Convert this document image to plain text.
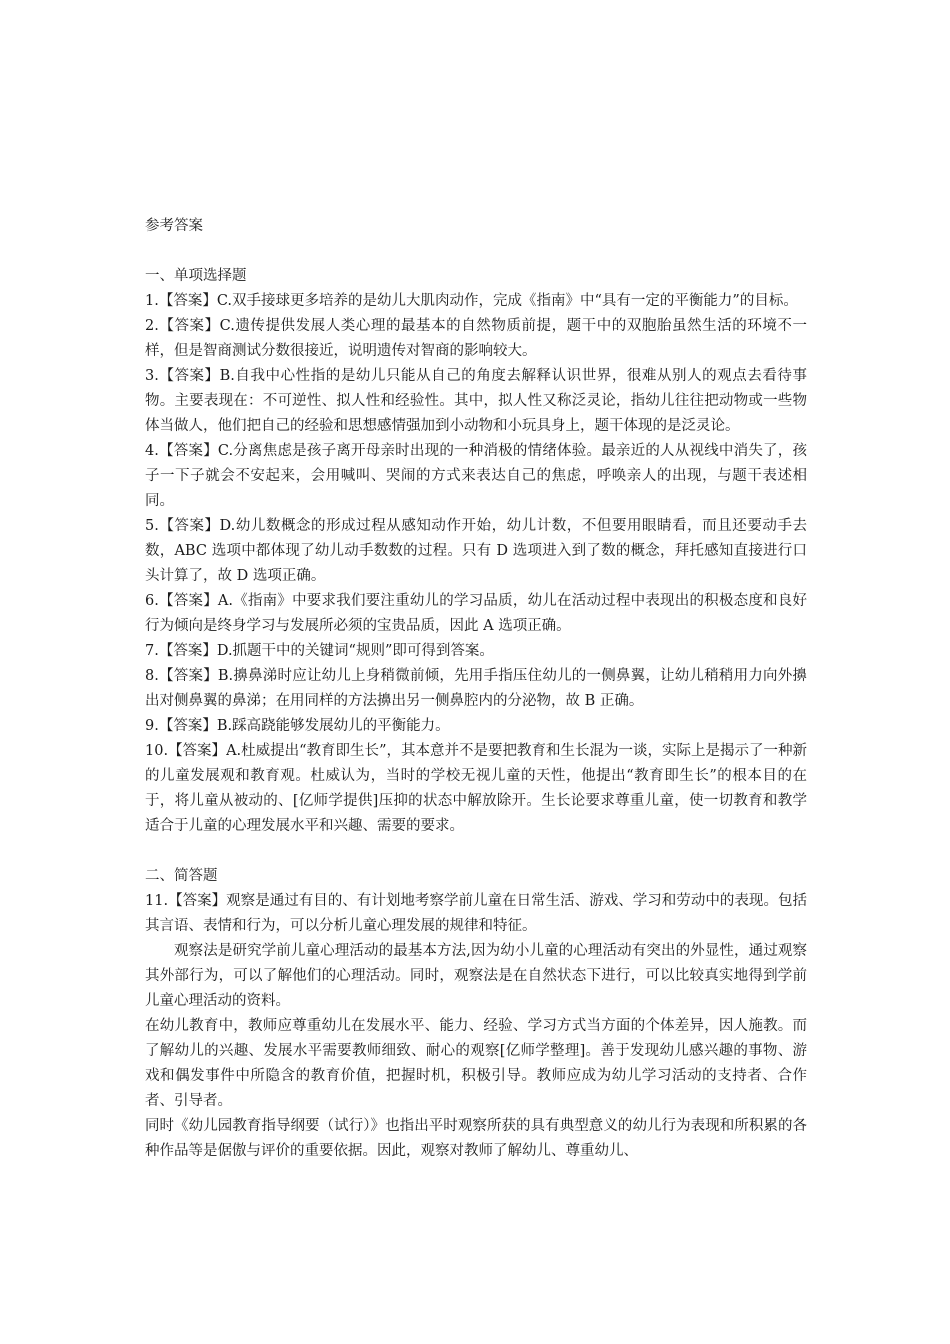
参考答案

一、单项选择题

1.【答案】C.双手接球更多培养的是幼儿大肌肉动作，完成《指南》中“具有一定的平衡能力”的目标。

2.【答案】C.遗传提供发展人类心理的最基本的自然物质前提，题干中的双胞胎虽然生活的环境不一样，但是智商测试分数很接近，说明遗传对智商的影响较大。

3.【答案】B.自我中心性指的是幼儿只能从自己的角度去解释认识世界，很难从别人的观点去看待事物。主要表现在：不可逆性、拟人性和经验性。其中，拟人性又称泛灵论，指幼儿往往把动物或一些物体当做人，他们把自己的经验和思想感情强加到小动物和小玩具身上，题干体现的是泛灵论。

4.【答案】C.分离焦虑是孩子离开母亲时出现的一种消极的情绪体验。最亲近的人从视线中消失了，孩子一下子就会不安起来，会用喊叫、哭闹的方式来表达自己的焦虑，呼唤亲人的出现，与题干表述相同。

5.【答案】D.幼儿数概念的形成过程从感知动作开始，幼儿计数，不但要用眼睛看，而且还要动手去数，ABC 选项中都体现了幼儿动手数数的过程。只有 D 选项进入到了数的概念，拜托感知直接进行口头计算了，故 D 选项正确。

6.【答案】A.《指南》中要求我们要注重幼儿的学习品质，幼儿在活动过程中表现出的积极态度和良好行为倾向是终身学习与发展所必须的宝贵品质，因此 A 选项正确。

7.【答案】D.抓题干中的关键词“规则”即可得到答案。

8.【答案】B.擤鼻涕时应让幼儿上身稍微前倾，先用手指压住幼儿的一侧鼻翼，让幼儿稍稍用力向外擤出对侧鼻翼的鼻涕；在用同样的方法擤出另一侧鼻腔内的分泌物，故 B 正确。

9.【答案】B.踩高跷能够发展幼儿的平衡能力。

10.【答案】A.杜威提出“教育即生长”，其本意并不是要把教育和生长混为一谈，实际上是揭示了一种新的儿童发展观和教育观。杜威认为，当时的学校无视儿童的天性，他提出“教育即生长”的根本目的在于，将儿童从被动的、[亿师学提供]压抑的状态中解放除开。生长论要求尊重儿童，使一切教育和教学适合于儿童的心理发展水平和兴趣、需要的要求。

二、简答题

11.【答案】观察是通过有目的、有计划地考察学前儿童在日常生活、游戏、学习和劳动中的表现。包括其言语、表情和行为，可以分析儿童心理发展的规律和特征。

观察法是研究学前儿童心理活动的最基本方法,因为幼小儿童的心理活动有突出的外显性，通过观察其外部行为，可以了解他们的心理活动。同时，观察法是在自然状态下进行，可以比较真实地得到学前儿童心理活动的资料。

在幼儿教育中，教师应尊重幼儿在发展水平、能力、经验、学习方式当方面的个体差异，因人施教。而了解幼儿的兴趣、发展水平需要教师细致、耐心的观察[亿师学整理]。善于发现幼儿感兴趣的事物、游戏和偶发事件中所隐含的教育价值，把握时机，积极引导。教师应成为幼儿学习活动的支持者、合作者、引导者。

同时《幼儿园教育指导纲要（试行）》也指出平时观察所获的具有典型意义的幼儿行为表现和所积累的各种作品等是倨傲与评价的重要依据。因此，观察对教师了解幼儿、尊重幼儿、
